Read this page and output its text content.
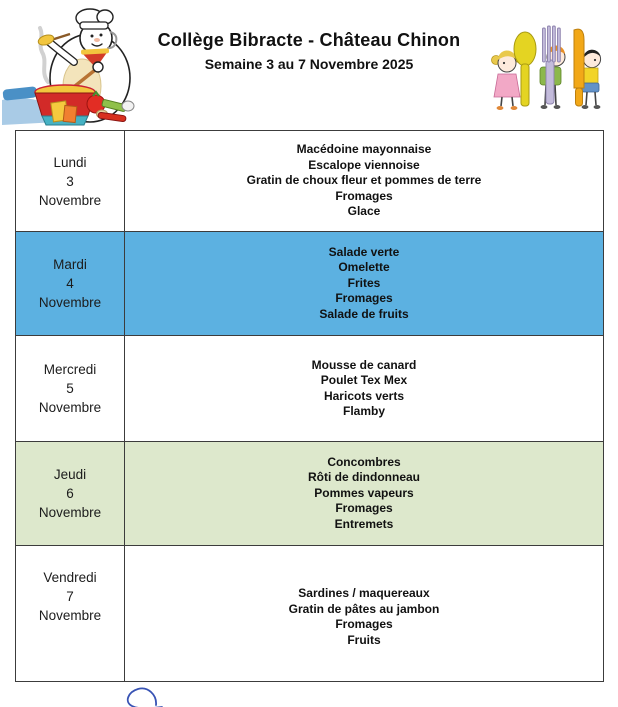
Collège Bibracte - Château Chinon
Semaine 3 au 7 Novembre 2025
Lundi
3
Novembre
Macédoine mayonnaise
Escalope viennoise
Gratin de choux fleur et pommes de terre
Fromages
Glace
Mardi
4
Novembre
Salade verte
Omelette
Frites
Fromages
Salade de fruits
Mercredi
5
Novembre
Mousse de canard
Poulet Tex Mex
Haricots verts
Flamby
Jeudi
6
Novembre
Concombres
Rôti de dindonneau
Pommes vapeurs
Fromages
Entremets
Vendredi
7
Novembre
Sardines / maquereaux
Gratin de pâtes au jambon
Fromages
Fruits
